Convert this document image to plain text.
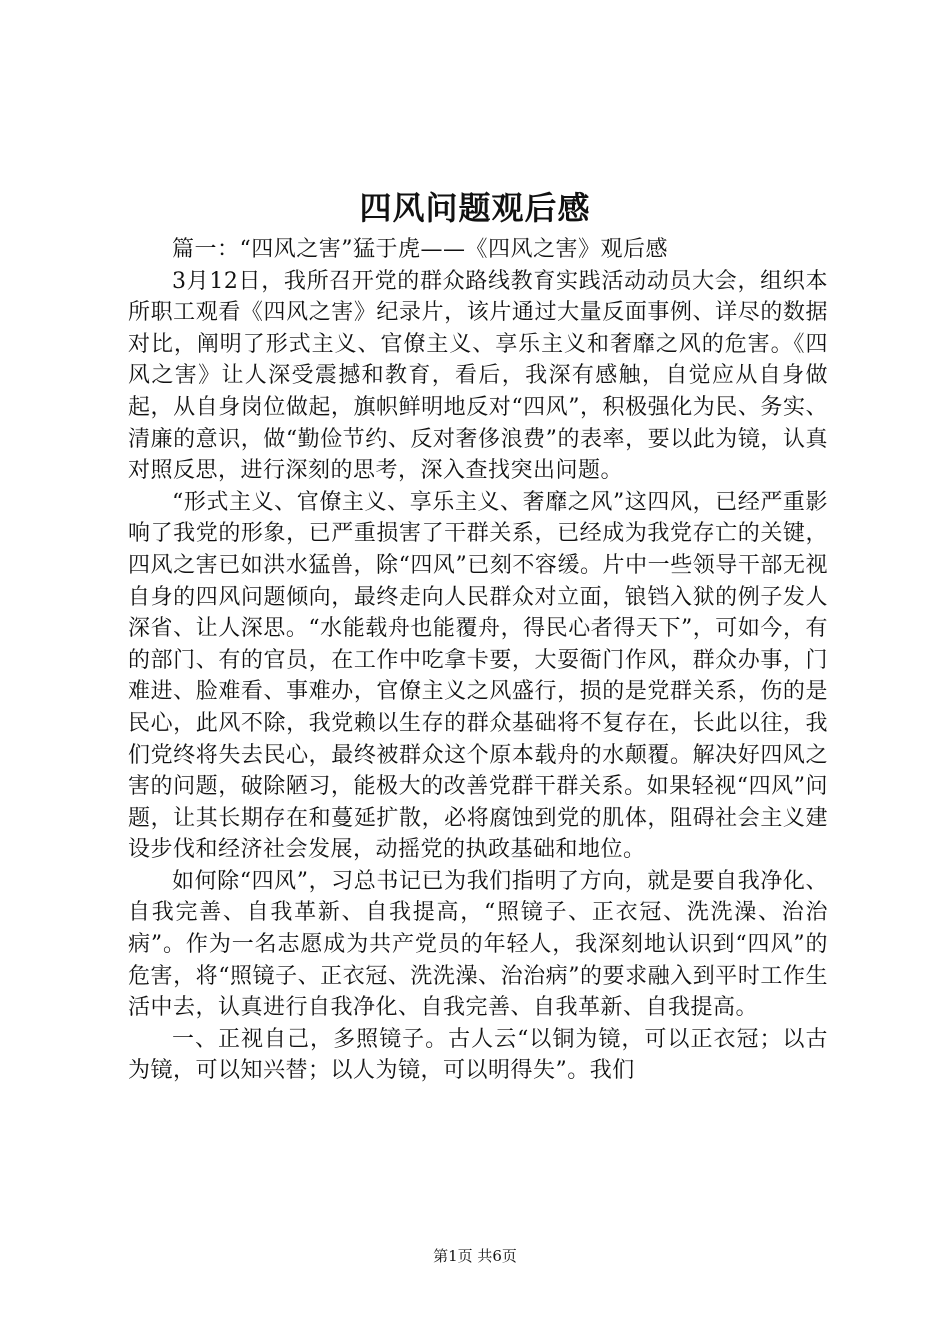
四风问题观后感

篇一：“四风之害”猛于虎——《四风之害》观后感

3月12日，我所召开党的群众路线教育实践活动动员大会，组织本所职工观看《四风之害》纪录片，该片通过大量反面事例、详尽的数据对比，阐明了形式主义、官僚主义、享乐主义和奢靡之风的危害。《四风之害》让人深受震撼和教育，看后，我深有感触，自觉应从自身做起，从自身岗位做起，旗帜鲜明地反对“四风”，积极强化为民、务实、清廉的意识，做“勤俭节约、反对奢侈浪费”的表率，要以此为镜，认真对照反思，进行深刻的思考，深入查找突出问题。

“形式主义、官僚主义、享乐主义、奢靡之风”这四风，已经严重影响了我党的形象，已严重损害了干群关系，已经成为我党存亡的关键，四风之害已如洪水猛兽，除“四风”已刻不容缓。片中一些领导干部无视自身的四风问题倾向，最终走向人民群众对立面，锒铛入狱的例子发人深省、让人深思。“水能载舟也能覆舟，得民心者得天下”，可如今，有的部门、有的官员，在工作中吃拿卡要，大耍衙门作风，群众办事，门难进、脸难看、事难办，官僚主义之风盛行，损的是党群关系，伤的是民心，此风不除，我党赖以生存的群众基础将不复存在，长此以往，我们党终将失去民心，最终被群众这个原本载舟的水颠覆。解决好四风之害的问题，破除陋习，能极大的改善党群干群关系。如果轻视“四风”问题，让其长期存在和蔓延扩散，必将腐蚀到党的肌体，阻碍社会主义建设步伐和经济社会发展，动摇党的执政基础和地位。

如何除“四风”，习总书记已为我们指明了方向，就是要自我净化、自我完善、自我革新、自我提高，“照镜子、正衣冠、洗洗澡、治治病”。作为一名志愿成为共产党员的年轻人，我深刻地认识到“四风”的危害，将“照镜子、正衣冠、洗洗澡、治治病”的要求融入到平时工作生活中去，认真进行自我净化、自我完善、自我革新、自我提高。

一、正视自己，多照镜子。古人云“以铜为镜，可以正衣冠；以古为镜，可以知兴替；以人为镜，可以明得失”。我们

第1页 共6页
